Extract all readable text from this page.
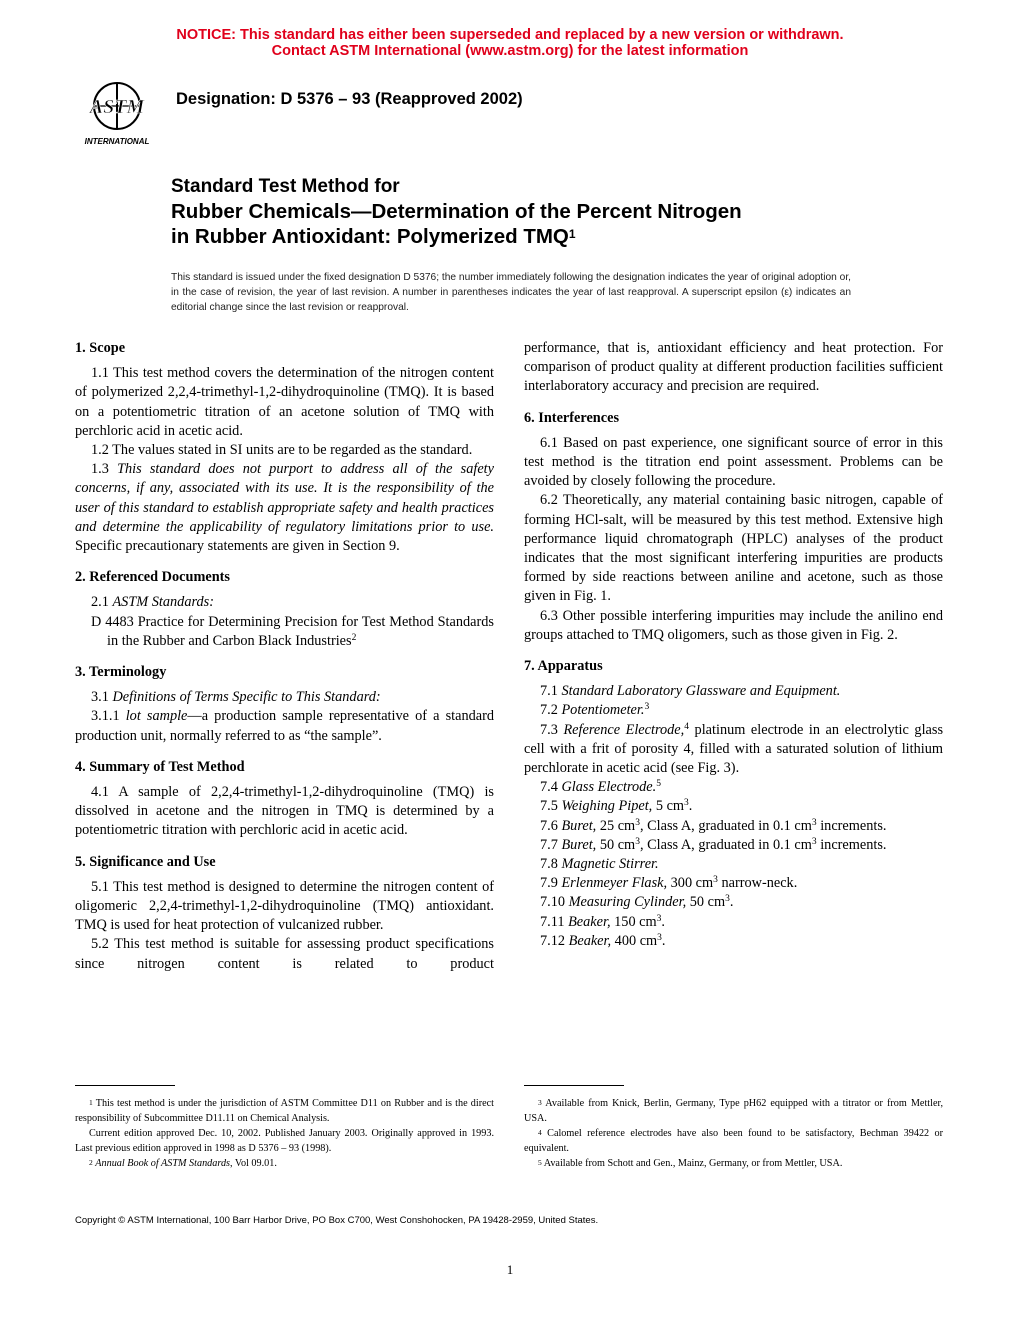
NOTICE: This standard has either been superseded and replaced by a new version or withdrawn.
Contact ASTM International (www.astm.org) for the latest information
ASTM
INTERNATIONAL
Designation: D 5376 – 93 (Reapproved 2002)
Standard Test Method for
Rubber Chemicals—Determination of the Percent Nitrogen
in Rubber Antioxidant: Polymerized TMQ$^1$
This standard is issued under the fixed designation D 5376; the number immediately following the designation indicates the year of original adoption or, in the case of revision, the year of last revision. A number in parentheses indicates the year of last reapproval. A superscript epsilon (ε) indicates an editorial change since the last revision or reapproval.
1. Scope

1.1 This test method covers the determination of the nitrogen content of polymerized 2,2,4-trimethyl-1,2-dihydroquinoline (TMQ). It is based on a potentiometric titration of an acetone solution of TMQ with perchloric acid in acetic acid.

1.2 The values stated in SI units are to be regarded as the standard.

1.3 This standard does not purport to address all of the safety concerns, if any, associated with its use. It is the responsibility of the user of this standard to establish appropriate safety and health practices and determine the applicability of regulatory limitations prior to use. Specific precautionary statements are given in Section 9.

2. Referenced Documents

2.1 ASTM Standards:

D 4483 Practice for Determining Precision for Test Method Standards in the Rubber and Carbon Black Industries$^2$

3. Terminology

3.1 Definitions of Terms Specific to This Standard:

3.1.1 lot sample—a production sample representative of a standard production unit, normally referred to as “the sample”.

4. Summary of Test Method

4.1 A sample of 2,2,4-trimethyl-1,2-dihydroquinoline (TMQ) is dissolved in acetone and the nitrogen in TMQ is determined by a potentiometric titration with perchloric acid in acetic acid.

5. Significance and Use

5.1 This test method is designed to determine the nitrogen content of oligomeric 2,2,4-trimethyl-1,2-dihydroquinoline (TMQ) antioxidant. TMQ is used for heat protection of vulcanized rubber.

5.2 This test method is suitable for assessing product specifications since nitrogen content is related to product

performance, that is, antioxidant efficiency and heat protection. For comparison of product quality at different production facilities sufficient interlaboratory accuracy and precision are required.

6. Interferences

6.1 Based on past experience, one significant source of error in this test method is the titration end point assessment. Problems can be avoided by closely following the procedure.

6.2 Theoretically, any material containing basic nitrogen, capable of forming HCl-salt, will be measured by this test method. Extensive high performance liquid chromatograph (HPLC) analyses of the product indicates that the most significant interfering impurities are products formed by side reactions between aniline and acetone, such as those given in Fig. 1.

6.3 Other possible interfering impurities may include the anilino end groups attached to TMQ oligomers, such as those given in Fig. 2.

7. Apparatus

7.1 Standard Laboratory Glassware and Equipment.

7.2 Potentiometer.$^3$

7.3 Reference Electrode,$^4$ platinum electrode in an electrolytic glass cell with a frit of porosity 4, filled with a saturated solution of lithium perchlorate in acetic acid (see Fig. 3).

7.4 Glass Electrode.$^5$

7.5 Weighing Pipet, 5 $cm^3$.

7.6 Buret, 25 $cm^3$, Class A, graduated in 0.1 $cm^3$ increments.

7.7 Buret, 50 $cm^3$, Class A, graduated in 0.1 $cm^3$ increments.

7.8 Magnetic Stirrer.

7.9 Erlenmeyer Flask, 300 $cm^3$ narrow-neck.

7.10 Measuring Cylinder, 50 $cm^3$.

7.11 Beaker, 150 $cm^3$.

7.12 Beaker, 400 $cm^3$.

$^1$ This test method is under the jurisdiction of ASTM Committee D11 on Rubber and is the direct responsibility of Subcommittee D11.11 on Chemical Analysis.

Current edition approved Dec. 10, 2002. Published January 2003. Originally approved in 1993. Last previous edition approved in 1998 as D 5376 – 93 (1998).

$^2$ Annual Book of ASTM Standards, Vol 09.01.

$^3$ Available from Knick, Berlin, Germany, Type pH62 equipped with a titrator or from Mettler, USA.

$^4$ Calomel reference electrodes have also been found to be satisfactory, Bechman 39422 or equivalent.

$^5$ Available from Schott and Gen., Mainz, Germany, or from Mettler, USA.

Copyright © ASTM International, 100 Barr Harbor Drive, PO Box C700, West Conshohocken, PA 19428-2959, United States.
1
